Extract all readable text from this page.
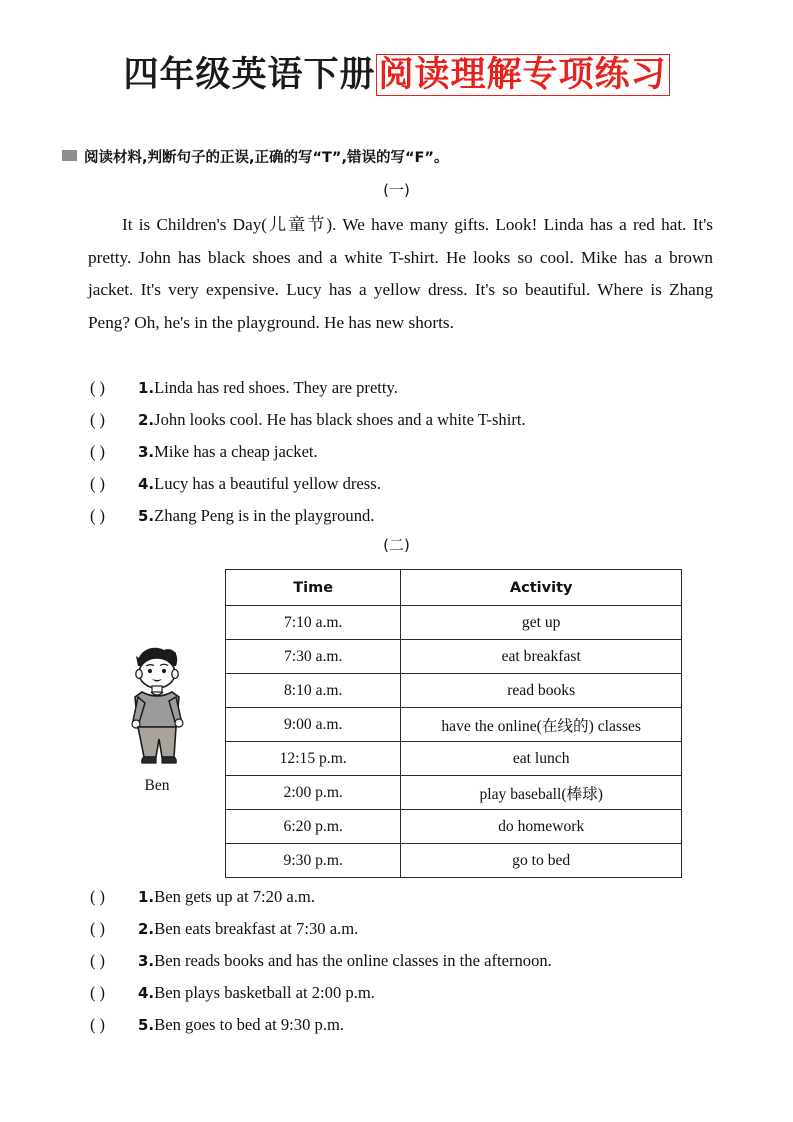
四年级英语下册阅读理解专项练习
阅读材料,判断句子的正误,正确的写“T”,错误的写“F”。
(一)
It is Children's Day(儿童节). We have many gifts. Look! Linda has a red hat. It's pretty. John has black shoes and a white T-shirt. He looks so cool. Mike has a brown jacket. It's very expensive. Lucy has a yellow dress. It's so beautiful. Where is Zhang Peng? Oh, he's in the playground. He has new shorts.
( ) 1.Linda has red shoes. They are pretty.
( ) 2.John looks cool. He has black shoes and a white T-shirt.
( ) 3.Mike has a cheap jacket.
( ) 4.Lucy has a beautiful yellow dress.
( ) 5.Zhang Peng is in the playground.
(二)
Ben
Time	Activity
7:10 a.m.	get up
7:30 a.m.	eat breakfast
8:10 a.m.	read books
9:00 a.m.	have the online(在线的) classes
12:15 p.m.	eat lunch
2:00 p.m.	play baseball(棒球)
6:20 p.m.	do homework
9:30 p.m.	go to bed
( ) 1.Ben gets up at 7:20 a.m.
( ) 2.Ben eats breakfast at 7:30 a.m.
( ) 3.Ben reads books and has the online classes in the afternoon.
( ) 4.Ben plays basketball at 2:00 p.m.
( ) 5.Ben goes to bed at 9:30 p.m.
